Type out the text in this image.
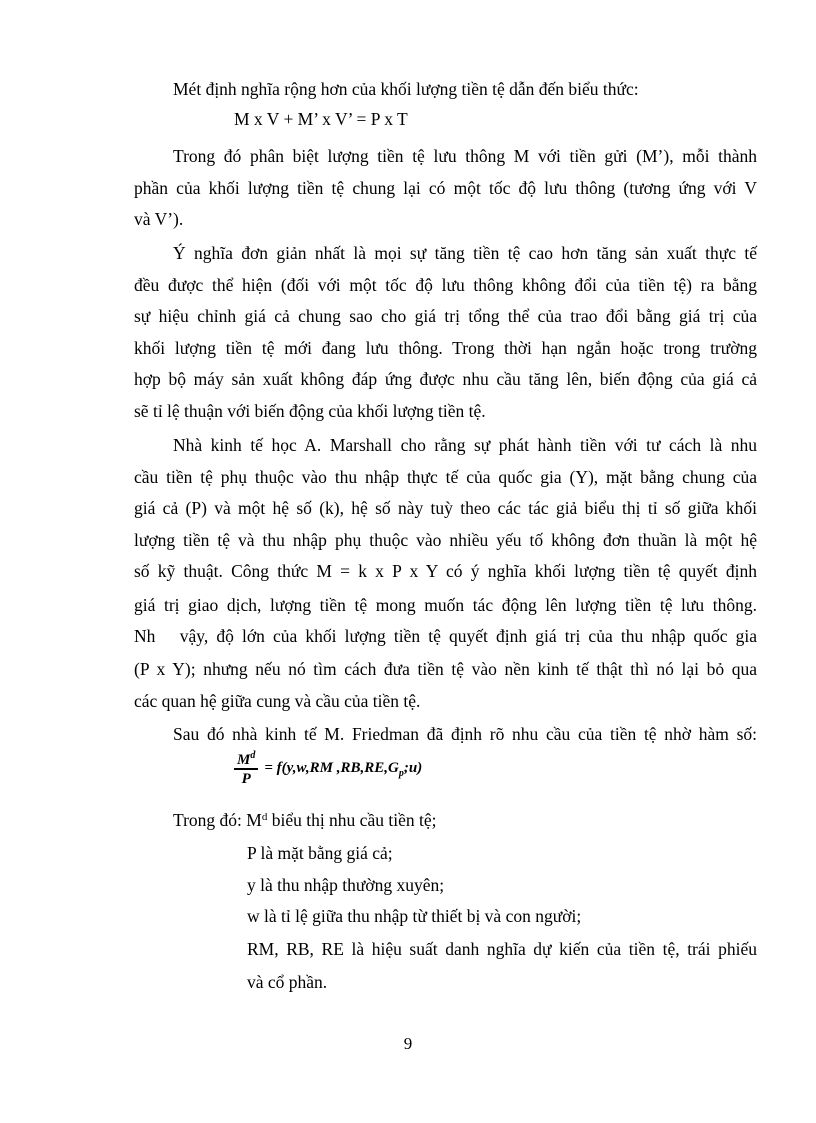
Mét định nghĩa rộng hơn của khối lượng tiền tệ dẫn đến biểu thức:
M x V + M’ x V’ = P x T
Trong đó phân biệt lượng tiền tệ lưu thông M với tiền gửi (M’), mỗi thành
phần của khối lượng tiền tệ chung lại có một tốc độ lưu thông (tương ứng với V
và V’).
Ý nghĩa đơn giản nhất là mọi sự tăng tiền tệ cao hơn tăng sản xuất thực tế
đều được thể hiện (đối với một tốc độ lưu thông không đổi của tiền tệ) ra bằng
sự hiệu chỉnh giá cả chung sao cho giá trị tổng thể của trao đổi bằng giá trị của
khối lượng tiền tệ mới đang lưu thông. Trong thời hạn ngắn hoặc trong trường
hợp bộ máy sản xuất không đáp ứng được nhu cầu tăng lên, biến động của giá cả
sẽ tỉ lệ thuận với biến động của khối lượng tiền tệ.
Nhà kinh tế học A. Marshall cho rằng sự phát hành tiền với tư cách là nhu
cầu tiền tệ phụ thuộc vào thu nhập thực tế của quốc gia (Y), mặt bằng chung của
giá cả (P) và một hệ số (k), hệ số này tuỳ theo các tác giả biểu thị tỉ số giữa khối
lượng tiền tệ và thu nhập phụ thuộc vào nhiều yếu tố không đơn thuần là một hệ
số kỹ thuật. Công thức M = k x P x Y có ý nghĩa khối lượng tiền tệ quyết định
giá trị giao dịch, lượng tiền tệ mong muốn tác động lên lượng tiền tệ lưu thông.
Nh   vậy, độ lớn của khối lượng tiền tệ quyết định giá trị của thu nhập quốc gia
(P x Y); nhưng nếu nó tìm cách đưa tiền tệ vào nền kinh tế thật thì nó lại bỏ qua
các quan hệ giữa cung và cầu của tiền tệ.
Sau đó nhà kinh tế M. Friedman đã định rõ nhu cầu của tiền tệ nhờ hàm số:
$\frac{M^d}{P} = f(y,w,RM$ $,RB,RE,G_p;u$)
Trong đó: $M^d$ biểu thị nhu cầu tiền tệ;
P là mặt bằng giá cả;
y là thu nhập thường xuyên;
w là tỉ lệ giữa thu nhập từ thiết bị và con người;
RM, RB, RE là hiệu suất danh nghĩa dự kiến của tiền tệ, trái phiếu
và cổ phần.
9
